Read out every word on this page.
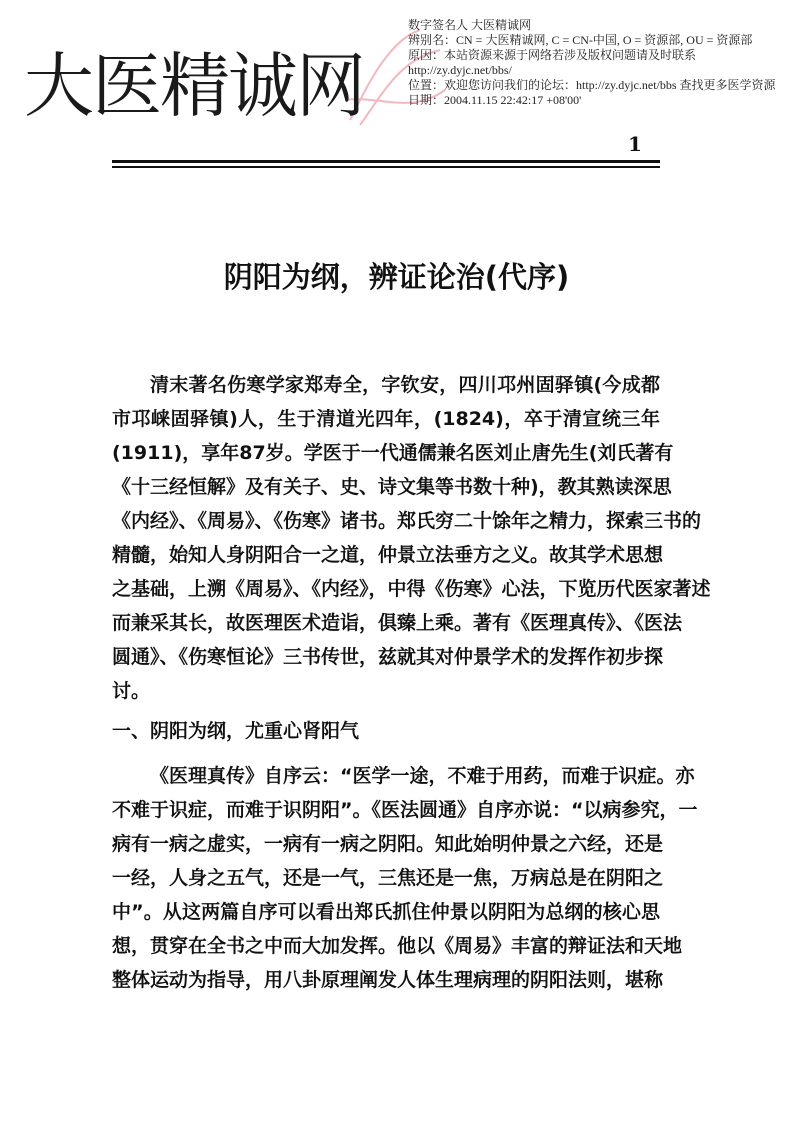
大医精诚网
数字签名人 大医精诚网
辨别名：CN = 大医精诚网, C = CN-中国, O = 资源部, OU = 资源部
原因：本站资源来源于网络若涉及版权问题请及时联系 http://zy.dyjc.net/bbs/
位置：欢迎您访问我们的论坛：http://zy.dyjc.net/bbs 查找更多医学资源
日期：2004.11.15 22:42:17 +08'00'
1
阴阳为纲，辨证论治(代序)
清末著名伤寒学家郑寿全，字钦安，四川邛州固驿镇(今成都
市邛崃固驿镇)人，生于清道光四年，(1824)，卒于清宣统三年
(1911)，享年87岁。学医于一代通儒兼名医刘止唐先生(刘氏著有
《十三经恒解》及有关子、史、诗文集等书数十种)，教其熟读深思
《内经》、《周易》、《伤寒》诸书。郑氏穷二十馀年之精力，探索三书的
精髓，始知人身阴阳合一之道，仲景立法垂方之义。故其学术思想
之基础，上溯《周易》、《内经》，中得《伤寒》心法，下览历代医家著述
而兼采其长，故医理医术造诣，俱臻上乘。著有《医理真传》、《医法
圆通》、《伤寒恒论》三书传世，兹就其对仲景学术的发挥作初步探
讨。
一、阴阳为纲，尤重心肾阳气
《医理真传》自序云：“医学一途，不难于用药，而难于识症。亦
不难于识症，而难于识阴阳”。《医法圆通》自序亦说：“以病参究，一
病有一病之虚实，一病有一病之阴阳。知此始明仲景之六经，还是
一经，人身之五气，还是一气，三焦还是一焦，万病总是在阴阳之
中”。从这两篇自序可以看出郑氏抓住仲景以阴阳为总纲的核心思
想，贯穿在全书之中而大加发挥。他以《周易》丰富的辩证法和天地
整体运动为指导，用八卦原理阐发人体生理病理的阴阳法则，堪称
